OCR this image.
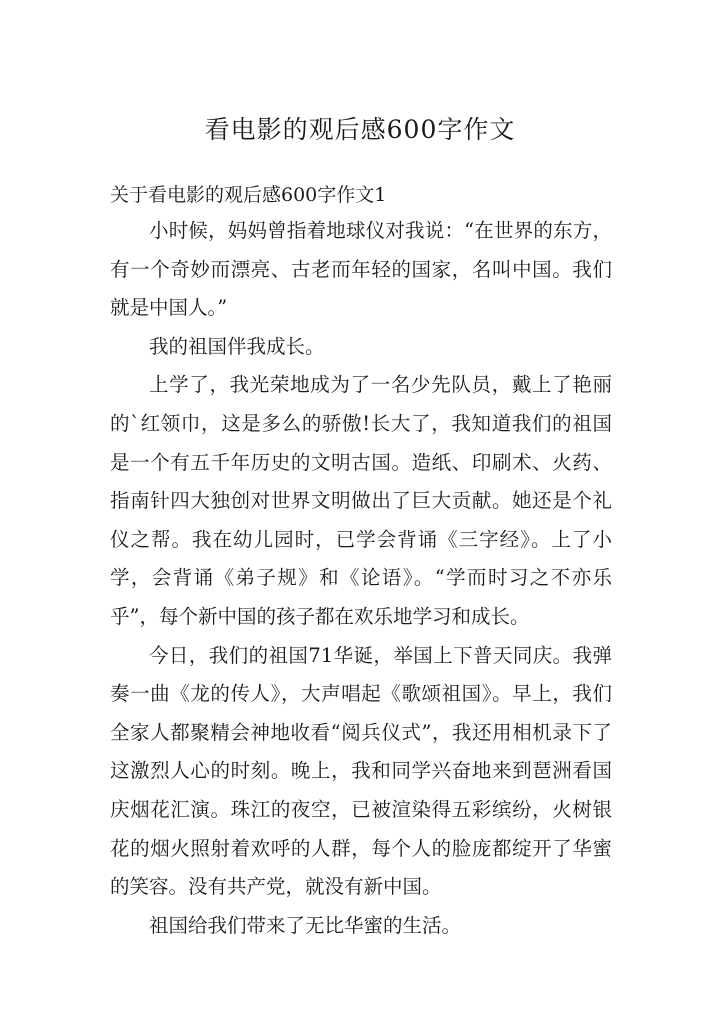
看电影的观后感600字作文
关于看电影的观后感600字作文1

小时候，妈妈曾指着地球仪对我说：“在世界的东方，有一个奇妙而漂亮、古老而年轻的国家，名叫中国。我们就是中国人。”

我的祖国伴我成长。

上学了，我光荣地成为了一名少先队员，戴上了艳丽的`红领巾，这是多么的骄傲!长大了，我知道我们的祖国是一个有五千年历史的文明古国。造纸、印刷术、火药、指南针四大独创对世界文明做出了巨大贡献。她还是个礼仪之帮。我在幼儿园时，已学会背诵《三字经》。上了小学，会背诵《弟子规》和《论语》。“学而时习之不亦乐乎”，每个新中国的孩子都在欢乐地学习和成长。

今日，我们的祖国71华诞，举国上下普天同庆。我弹奏一曲《龙的传人》，大声唱起《歌颂祖国》。早上，我们全家人都聚精会神地收看“阅兵仪式”，我还用相机录下了这激烈人心的时刻。晚上，我和同学兴奋地来到琶洲看国庆烟花汇演。珠江的夜空，已被渲染得五彩缤纷，火树银花的烟火照射着欢呼的人群，每个人的脸庞都绽开了华蜜的笑容。没有共产党，就没有新中国。

祖国给我们带来了无比华蜜的生活。
